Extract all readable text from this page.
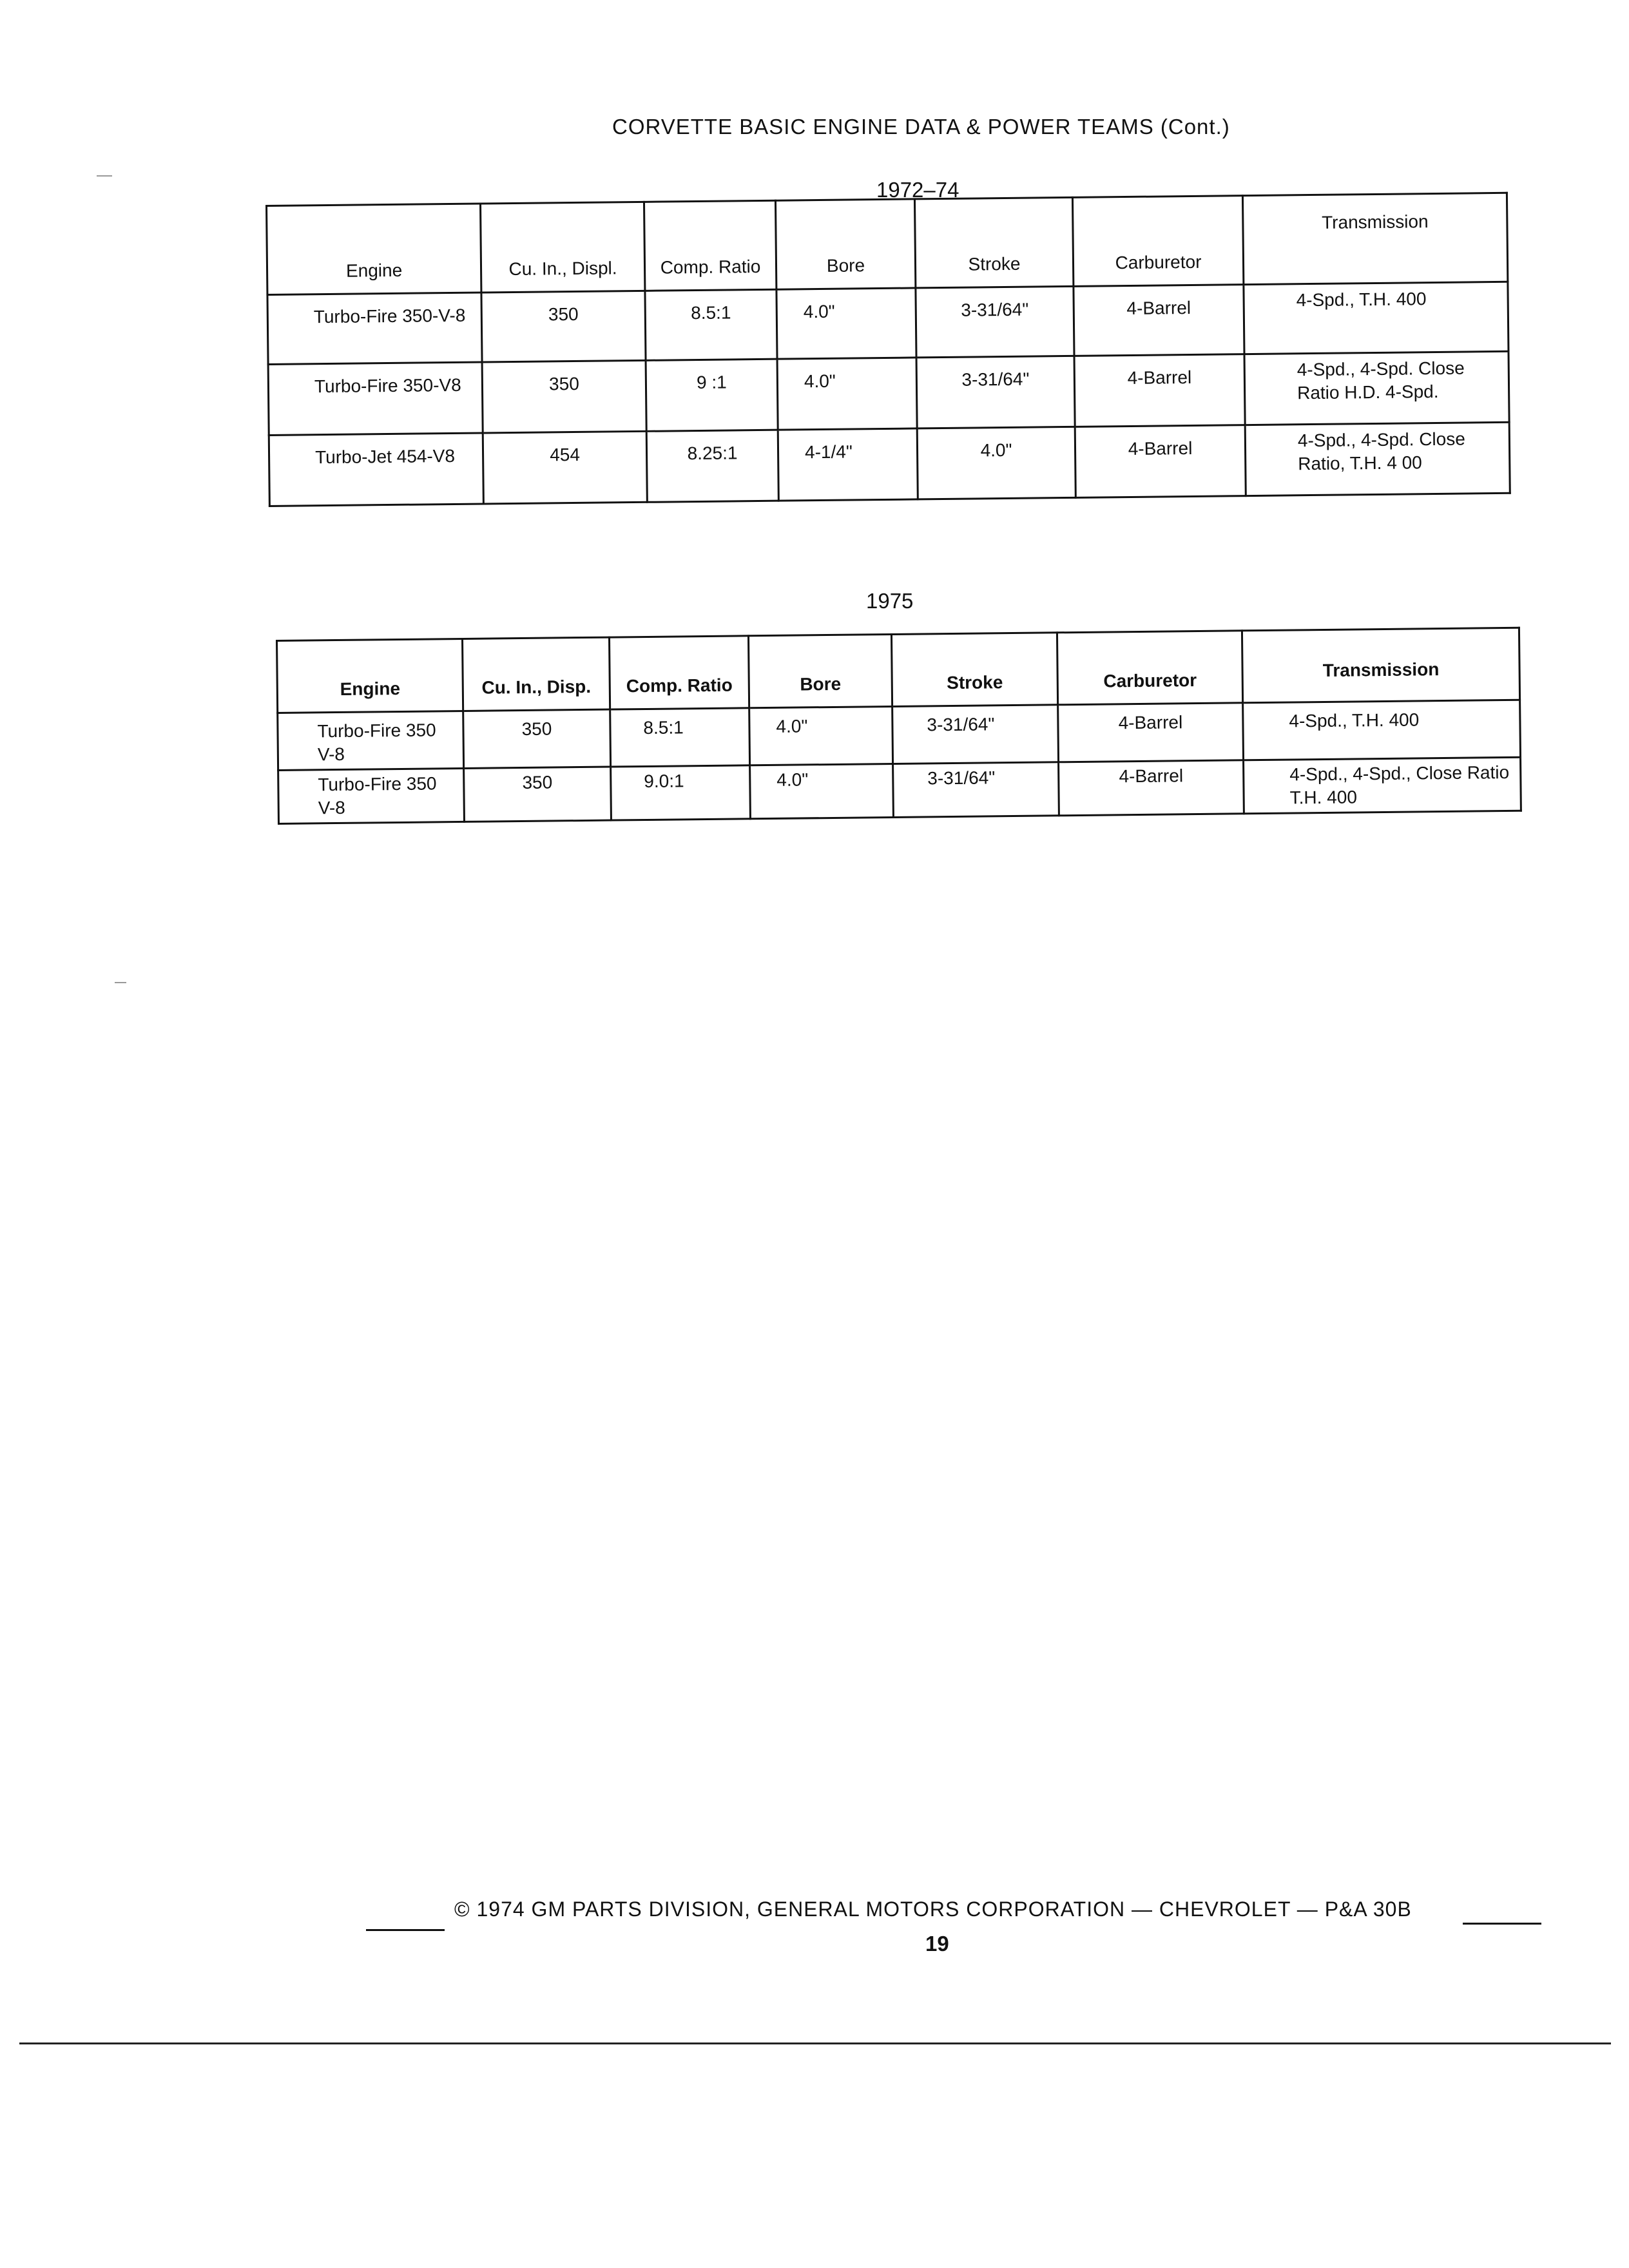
CORVETTE BASIC ENGINE DATA & POWER TEAMS (Cont.)
1972–74
Engine	Cu. In., Displ.	Comp. Ratio	Bore	Stroke	Carburetor	Transmission
Turbo-Fire 350-V-8	350	8.5:1	4.0"	3-31/64"	4-Barrel	4-Spd., T.H. 400
Turbo-Fire 350-V8	350	9 :1	4.0"	3-31/64"	4-Barrel	4-Spd., 4-Spd. Close Ratio H.D. 4-Spd.
Turbo-Jet 454-V8	454	8.25:1	4-1/4"	4.0"	4-Barrel	4-Spd., 4-Spd. Close Ratio, T.H. 4 00
1975
Engine	Cu. In., Disp.	Comp. Ratio	Bore	Stroke	Carburetor	Transmission
Turbo-Fire 350 V-8	350	8.5:1	4.0"	3-31/64"	4-Barrel	4-Spd., T.H. 400
Turbo-Fire 350 V-8	350	9.0:1	4.0"	3-31/64"	4-Barrel	4-Spd., 4-Spd., Close Ratio T.H. 400
© 1974 GM PARTS DIVISION, GENERAL MOTORS CORPORATION — CHEVROLET — P&A 30B
19
